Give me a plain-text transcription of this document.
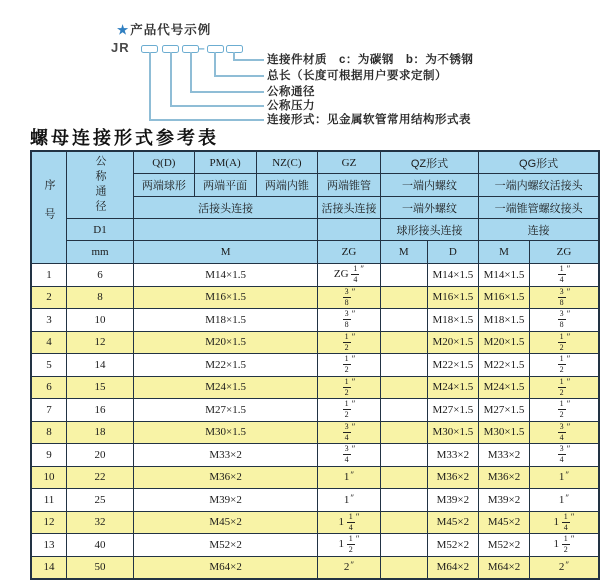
★产品代号示例
JR	–
连接件材质　c：为碳钢　b：为不锈钢
总长（长度可根据用户要求定制）
公称通径
公称压力
连接形式：见金属软管常用结构形式表
螺母连接形式参考表
序号	公称通径	Q(D)	PM(A)	NZ(C)	GZ	QZ形式		QG形式	
		两端球形	两端平面	两端内锥	两端锥管	一端内螺纹		一端内螺纹活接头	
		活接头连接			活接头连接	一端外螺纹		一端锥管螺纹接头	
	D1					球形接头连接		连接	
	mm	M			ZG	M	D	M	ZG
1	6	M14×1.5			ZG $\frac{1}{4} ''$		M14×1.5	M14×1.5	$\frac{1}{4} ''$
2	8	M16×1.5			$\frac{3}{8} ''$		M16×1.5	M16×1.5	$\frac{3}{8} ''$
3	10	M18×1.5			$\frac{3}{8} ''$		M18×1.5	M18×1.5	$\frac{3}{8} ''$
4	12	M20×1.5			$\frac{1}{2} ''$		M20×1.5	M20×1.5	$\frac{1}{2} ''$
5	14	M22×1.5			$\frac{1}{2} ''$		M22×1.5	M22×1.5	$\frac{1}{2} ''$
6	15	M24×1.5			$\frac{1}{2} ''$		M24×1.5	M24×1.5	$\frac{1}{2} ''$
7	16	M27×1.5			$\frac{1}{2} ''$		M27×1.5	M27×1.5	$\frac{1}{2} ''$
8	18	M30×1.5			$\frac{3}{4} ''$		M30×1.5	M30×1.5	$\frac{3}{4} ''$
9	20	M33×2			$\frac{3}{4} ''$		M33×2	M33×2	$\frac{3}{4} ''$
10	22	M36×2			1″		M36×2	M36×2	1″
11	25	M39×2			1″		M39×2	M39×2	1″
12	32	M45×2			$1 \frac{1}{4} ''$		M45×2	M45×2	$1 \frac{1}{4} ''$
13	40	M52×2			$1 \frac{1}{2} ''$		M52×2	M52×2	$1 \frac{1}{2} ''$
14	50	M64×2			2″		M64×2	M64×2	2″
